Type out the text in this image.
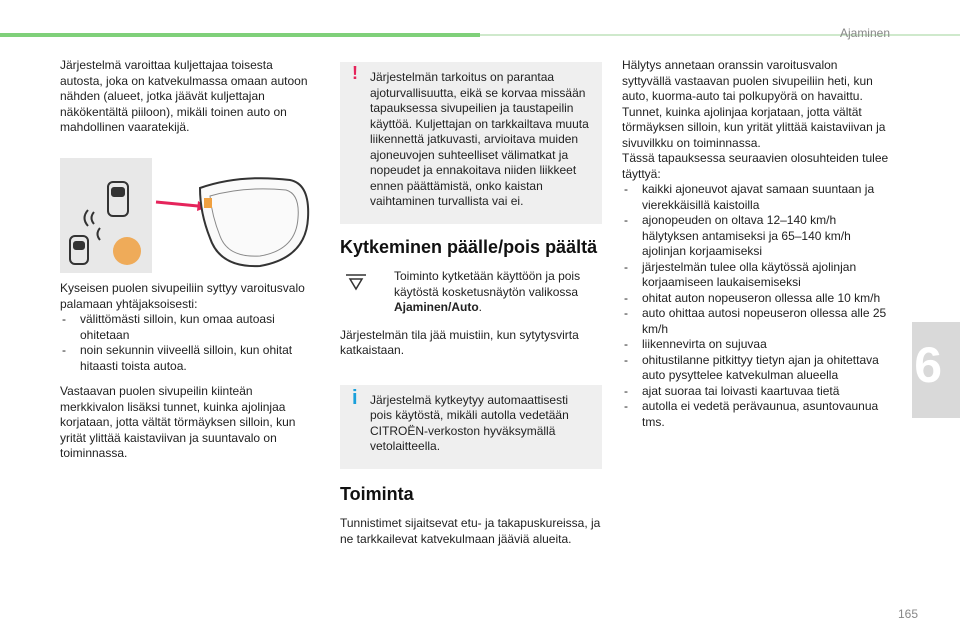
Ajaminen
6
165

Järjestelmä varoittaa kuljettajaa toisesta autosta, joka on katvekulmassa omaan autoon nähden (alueet, jotka jäävät kuljettajan näkökentältä piiloon), mikäli toinen auto on mahdollinen vaaratekijä.

Kyseisen puolen sivupeiliin syttyy varoitusvalo palamaan yhtäjaksoisesti:

- välittömästi silloin, kun omaa autoasi ohitetaan
- noin sekunnin viiveellä silloin, kun ohitat hitaasti toista autoa.

Vastaavan puolen sivupeilin kiinteän merkkivalon lisäksi tunnet, kuinka ajolinjaa korjataan, jotta vältät törmäyksen silloin, kun yrität ylittää kaistaviivan ja suuntavalo on toiminnassa.

! Järjestelmän tarkoitus on parantaa ajoturvallisuutta, eikä se korvaa missään tapauksessa sivupeilien ja taustapeilin käyttöä. Kuljettajan on tarkkailtava muuta liikennettä jatkuvasti, arvioitava muiden ajoneuvojen suhteelliset välimatkat ja nopeudet ja ennakoitava niiden liikkeet ennen päättämistä, onko kaistan vaihtaminen turvallista vai ei.

Kytkeminen päälle/pois päältä

Toiminto kytketään käyttöön ja pois käytöstä kosketusnäytön valikossa Ajaminen/Auto.

Järjestelmän tila jää muistiin, kun sytytysvirta katkaistaan.

i Järjestelmä kytkeytyy automaattisesti pois käytöstä, mikäli autolla vedetään CITROËN-verkoston hyväksymällä vetolaitteella.

Toiminta

Tunnistimet sijaitsevat etu- ja takapuskureissa, ja ne tarkkailevat katvekulmaan jääviä alueita.

Hälytys annetaan oranssin varoitusvalon syttyvällä vastaavan puolen sivupeiliin heti, kun auto, kuorma-auto tai polkupyörä on havaittu.

Tunnet, kuinka ajolinjaa korjataan, jotta vältät törmäyksen silloin, kun yrität ylittää kaistaviivan ja sivuvilkku on toiminnassa.

Tässä tapauksessa seuraavien olosuhteiden tulee täyttyä:

- kaikki ajoneuvot ajavat samaan suuntaan ja vierekkäisillä kaistoilla
- ajonopeuden on oltava 12–140 km/h hälytyksen antamiseksi ja 65–140 km/h ajolinjan korjaamiseksi
- järjestelmän tulee olla käytössä ajolinjan korjaamiseen laukaisemiseksi
- ohitat auton nopeuseron ollessa alle 10 km/h
- auto ohittaa autosi nopeuseron ollessa alle 25 km/h
- liikennevirta on sujuvaa
- ohitustilanne pitkittyy tietyn ajan ja ohitettava auto pysyttelee katvekulman alueella
- ajat suoraa tai loivasti kaartuvaa tietä
- autolla ei vedetä perävaunua, asuntovaunua tms.
